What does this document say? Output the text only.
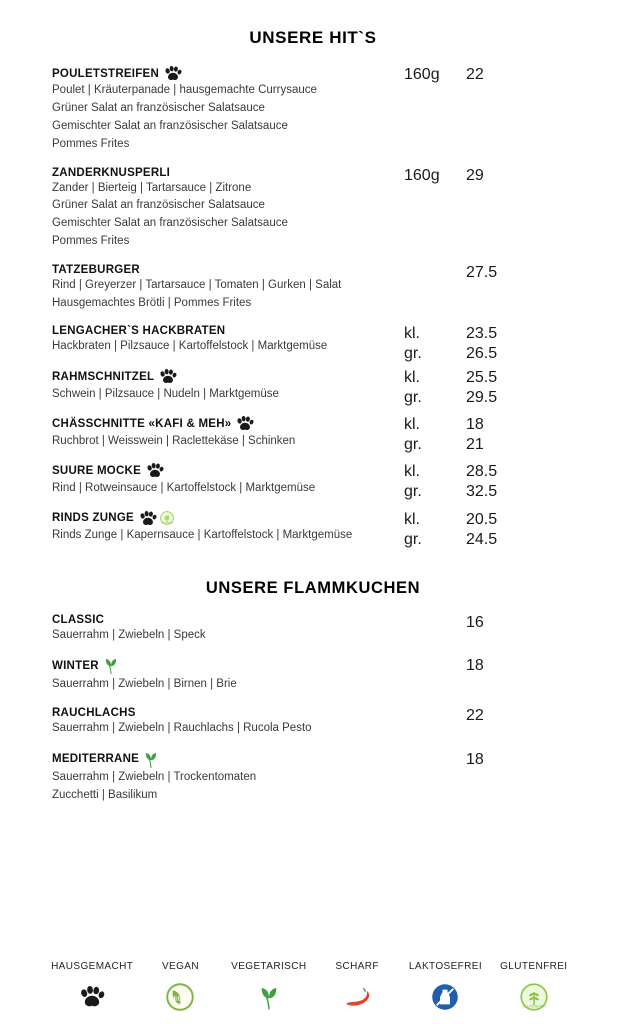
UNSERE HIT`S
POULETSTREIFEN	160g 22
Poulet | Kräuterpanade | hausgemachte Currysauce
Grüner Salat an französischer Salatsauce
Gemischter Salat an französischer Salatsauce
Pommes Frites
ZANDERKNUSPERLI	160g 29
Zander | Bierteig | Tartarsauce | Zitrone
Grüner Salat an französischer Salatsauce
Gemischter Salat an französischer Salatsauce
Pommes Frites
TATZEBURGER	27.5
Rind | Greyerzer | Tartarsauce | Tomaten | Gurken | Salat
Hausgemachtes Brötli | Pommes Frites
LENGACHER`S HACKBRATEN	kl.	23.5
gr.	26.5
Hackbraten | Pilzsauce | Kartoffelstock | Marktgemüse
RAHMSCHNITZEL	kl.	25.5
gr.	29.5
Schwein | Pilzsauce | Nudeln | Marktgemüse
CHÄSSCHNITTE «KAFI & MEH»	kl.	18
gr.	21
Ruchbrot | Weisswein | Raclettekäse | Schinken
SUURE MOCKE	kl.	28.5
gr.	32.5
Rind | Rotweinsauce | Kartoffelstock | Marktgemüse
RINDS ZUNGE	GLUTENFREI	kl.	20.5
gr.	24.5
Rinds Zunge | Kapernsauce | Kartoffelstock | Marktgemüse
UNSERE FLAMMKUCHEN
CLASSIC	16
Sauerrahm | Zwiebeln | Speck
WINTER	18
Sauerrahm | Zwiebeln | Birnen | Brie
RAUCHLACHS	22
Sauerrahm | Zwiebeln | Rauchlachs | Rucola Pesto
MEDITERRANE	18
Sauerrahm | Zwiebeln | Trockentomaten
Zucchetti | Basilikum
HAUSGEMACHT	VEGAN	VEGETARISCH	SCHARF	LAKTOSEFREI	GLUTENFREI
VEGAN
GLUTENFREI
